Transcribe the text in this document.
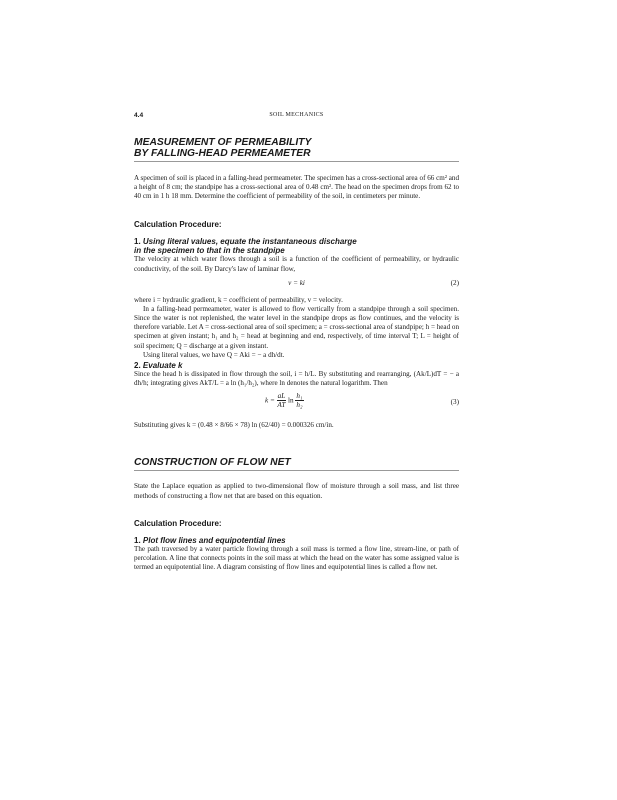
4.4	SOIL MECHANICS
MEASUREMENT OF PERMEABILITY
BY FALLING-HEAD PERMEAMETER

A specimen of soil is placed in a falling-head permeameter. The specimen has a cross-sectional area of 66 cm² and a height of 8 cm; the standpipe has a cross-sectional area of 0.48 cm². The head on the specimen drops from 62 to 40 cm in 1 h 18 mm. Determine the coefficient of permeability of the soil, in centimeters per minute.

Calculation Procedure:
1. Using literal values, equate the instantaneous discharge
in the specimen to that in the standpipe

The velocity at which water flows through a soil is a function of the coefficient of permeability, or hydraulic conductivity, of the soil. By Darcy's law of laminar flow,

v = ki	(2)

where i = hydraulic gradient, k = coefficient of permeability, v = velocity.

In a falling-head permeameter, water is allowed to flow vertically from a standpipe through a soil specimen. Since the water is not replenished, the water level in the standpipe drops as flow continues, and the velocity is therefore variable. Let A = cross-sectional area of soil specimen; a = cross-sectional area of standpipe; h = head on specimen at given instant; h₁ and h₂ = head at beginning and end, respectively, of time interval T; L = height of soil specimen; Q = discharge at a given instant.

Using literal values, we have Q = Aki = − a dh/dt.

2. Evaluate k

Since the head h is dissipated in flow through the soil, i = h/L. By substituting and rearranging, (Ak/L)dT = − a dh/h; integrating gives AkT/L = a ln (h₁/h₂), where ln denotes the natural logarithm. Then

$k = \frac{aL}{AT}$ $\ln \frac{\text{h₁}}{\text{h₂}}$	(3)

Substituting gives k = (0.48 × 8/66 × 78) ln (62/40) = 0.000326 cm/in.

CONSTRUCTION OF FLOW NET

State the Laplace equation as applied to two-dimensional flow of moisture through a soil mass, and list three methods of constructing a flow net that are based on this equation.

Calculation Procedure:
1. Plot flow lines and equipotential lines

The path traversed by a water particle flowing through a soil mass is termed a flow line, stream-line, or path of percolation. A line that connects points in the soil mass at which the head on the water has some assigned value is termed an equipotential line. A diagram consisting of flow lines and equipotential lines is called a flow net.
